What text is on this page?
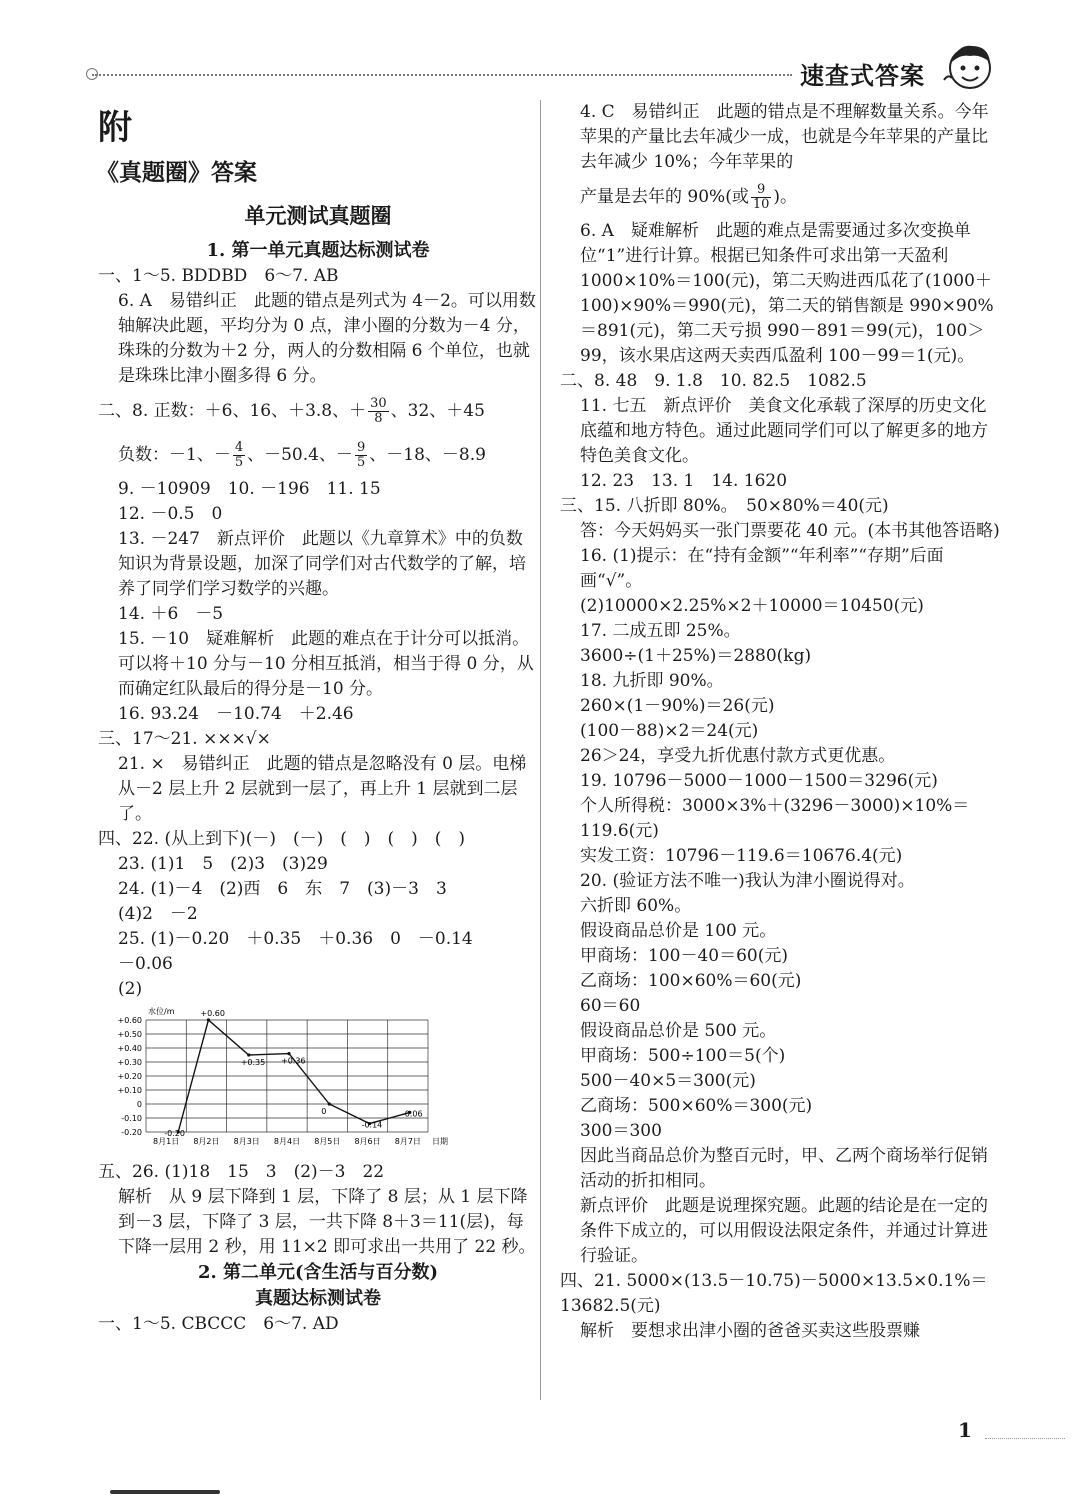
速查式答案
附
《真题圈》答案
单元测试真题圈
1. 第一单元真题达标测试卷
一、1～5. BDDBD　6～7. AB
6. A　易错纠正　此题的错点是列式为 4－2。可以用数轴解决此题，平均分为 0 点，津小圈的分数为－4 分，珠珠的分数为＋2 分，两人的分数相隔 6 个单位，也就是珠珠比津小圈多得 6 分。
二、8. 正数：＋6、16、＋3.8、＋ $\frac{30}{8}$ 、32、＋45
负数：－1、－ $\frac{4}{5}$ 、－50.4、－ $\frac{9}{5}$ 、－18、－8.9
9. －10909　10. －196　11. 15
12. －0.5　0
13. －247　新点评价　此题以《九章算术》中的负数知识为背景设题，加深了同学们对古代数学的了解，培养了同学们学习数学的兴趣。
14. ＋6　－5
15. －10　疑难解析　此题的难点在于计分可以抵消。可以将＋10 分与－10 分相互抵消，相当于得 0 分，从而确定红队最后的得分是－10 分。
16. 93.24　－10.74　＋2.46
三、17～21. ×××√×
21. ×　易错纠正　此题的错点是忽略没有 0 层。电梯从－2 层上升 2 层就到一层了，再上升 1 层就到二层了。
四、22. (从上到下)(－)　(－)　(　)　(　)　(　)
23. (1)1　5　(2)3　(3)29
24. (1)－4　(2)西　6　东　7　(3)－3　3
(4)2　－2
25. (1)－0.20　＋0.35　＋0.36　0　－0.14
－0.06
(2)
+0.60
+0.50
+0.40
+0.30
+0.20
+0.10
0
-0.10
-0.20
水位/m
8月1日 8月2日 8月3日 8月4日 8月5日 8月6日 8月7日 日期
-0.20
+0.60
+0.35 +0.36
0
-0.14
-0.06
五、26. (1)18　15　3　(2)－3　22
解析　从 9 层下降到 1 层，下降了 8 层；从 1 层下降到－3 层，下降了 3 层，一共下降 8＋3＝11(层)，每下降一层用 2 秒，用 11×2 即可求出一共用了 22 秒。
2. 第二单元(含生活与百分数)
真题达标测试卷
一、1～5. CBCCC　6～7. AD
4. C　易错纠正　此题的错点是不理解数量关系。今年苹果的产量比去年减少一成，也就是今年苹果的产量比去年减少 10%；今年苹果的
产量是去年的 90%(或 $\frac{9}{10}$ )。
6. A　疑难解析　此题的难点是需要通过多次变换单位“1”进行计算。根据已知条件可求出第一天盈利 1000×10%＝100(元)，第二天购进西瓜花了(1000＋100)×90%＝990(元)，第二天的销售额是 990×90%＝891(元)，第二天亏损 990－891＝99(元)，100＞99，该水果店这两天卖西瓜盈利 100－99＝1(元)。
二、8. 48　9. 1.8　10. 82.5　1082.5
11. 七五　新点评价　美食文化承载了深厚的历史文化底蕴和地方特色。通过此题同学们可以了解更多的地方特色美食文化。
12. 23　13. 1　14. 1620
三、15. 八折即 80%。　50×80%＝40(元)
答：今天妈妈买一张门票要花 40 元。(本书其他答语略)
16. (1)提示：在“持有金额”“年利率”“存期”后面画“√”。
(2)10000×2.25%×2＋10000＝10450(元)
17. 二成五即 25%。
3600÷(1＋25%)＝2880(kg)
18. 九折即 90%。
260×(1－90%)＝26(元)
(100－88)×2＝24(元)
26＞24，享受九折优惠付款方式更优惠。
19. 10796－5000－1000－1500＝3296(元)
个人所得税：3000×3%＋(3296－3000)×10%＝119.6(元)
实发工资：10796－119.6＝10676.4(元)
20. (验证方法不唯一)我认为津小圈说得对。
六折即 60%。
假设商品总价是 100 元。
甲商场：100－40＝60(元)
乙商场：100×60%＝60(元)
60＝60
假设商品总价是 500 元。
甲商场：500÷100＝5(个)
500－40×5＝300(元)
乙商场：500×60%＝300(元)
300＝300
因此当商品总价为整百元时，甲、乙两个商场举行促销活动的折扣相同。
新点评价　此题是说理探究题。此题的结论是在一定的条件下成立的，可以用假设法限定条件，并通过计算进行验证。
四、21. 5000×(13.5－10.75)－5000×13.5×0.1%＝13682.5(元)
解析　要想求出津小圈的爸爸买卖这些股票赚
1
